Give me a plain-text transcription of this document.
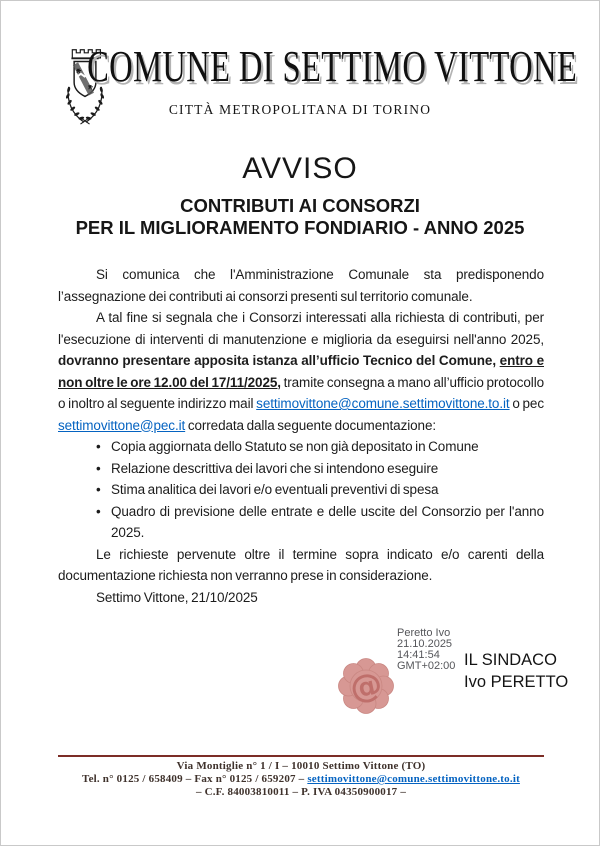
COMUNE DI SETTIMO VITTONE
CITTÀ METROPOLITANA DI TORINO
AVVISO
CONTRIBUTI AI CONSORZI
PER IL MIGLIORAMENTO FONDIARIO - ANNO 2025

Si comunica che l'Amministrazione Comunale sta predisponendo l’assegnazione dei contributi ai consorzi presenti sul territorio comunale.

A tal fine si segnala che i Consorzi interessati alla richiesta di contributi, per l'esecuzione di interventi di manutenzione e miglioria da eseguirsi nell'anno 2025, dovranno presentare apposita istanza all’ufficio Tecnico del Comune, entro e non oltre le ore 12.00 del 17/11/2025, tramite consegna a mano all’ufficio protocollo o inoltro al seguente indirizzo mail settimovittone@comune.settimovittone.to.it o pec settimovittone@pec.it corredata dalla seguente documentazione:

• Copia aggiornata dello Statuto se non già depositato in Comune
• Relazione descrittiva dei lavori che si intendono eseguire
• Stima analitica dei lavori e/o eventuali preventivi di spesa
• Quadro di previsione delle entrate e delle uscite del Consorzio per l'anno 2025.

Le richieste pervenute oltre il termine sopra indicato e/o carenti della documentazione richiesta non verranno prese in considerazione.

Settimo Vittone, 21/10/2025

Peretto Ivo
21.10.2025
14:41:54
GMT+02:00 IL SINDACO
Ivo PERETTO
@
Via Montiglie n° 1 / I – 10010 Settimo Vittone (TO)
Tel. n° 0125 / 658409 – Fax n° 0125 / 659207 – settimovittone@comune.settimovittone.to.it
– C.F. 84003810011 – P. IVA 04350900017 –
